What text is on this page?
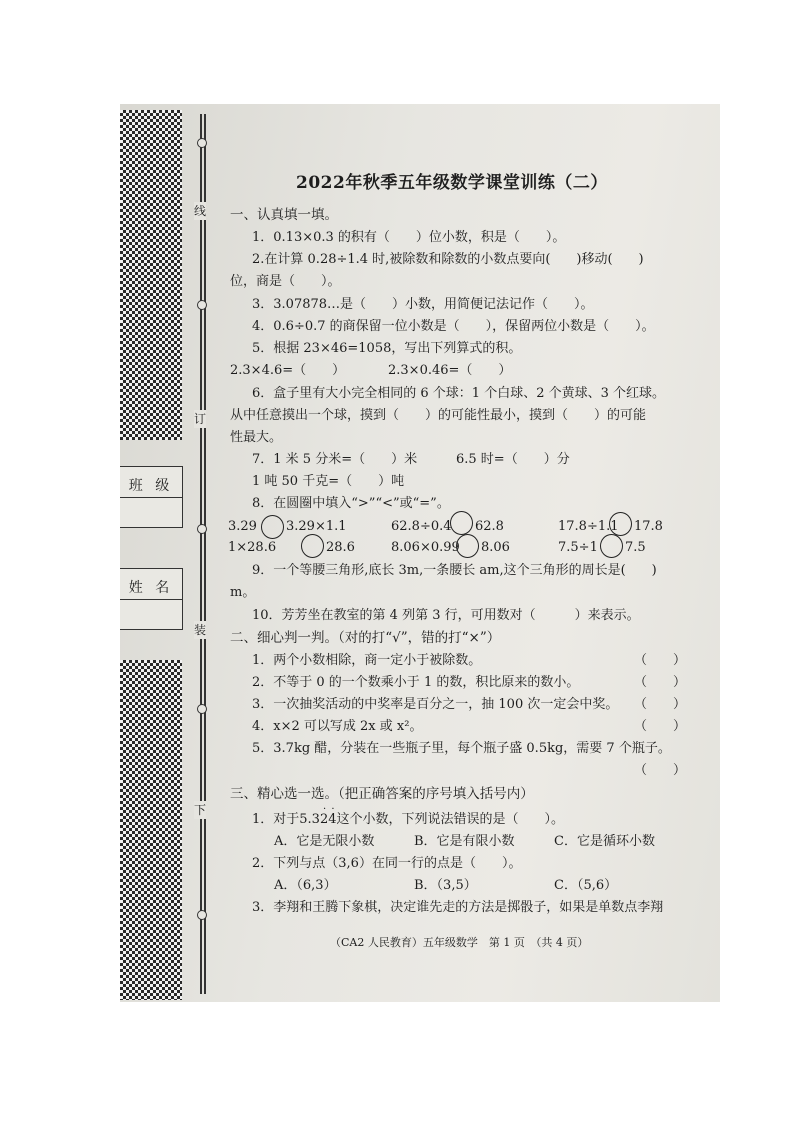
线
订
装
下
班 级
姓 名
2022年秋季五年级数学课堂训练（二）
一、认真填一填。
1．0.13×0.3 的积有（　　）位小数，积是（　　）。
2.在计算 0.28÷1.4 时,被除数和除数的小数点要向(　　)移动(　　)
位，商是（　　）。
3．3.07878…是（　　）小数，用简便记法记作（　　）。
4．0.6÷0.7 的商保留一位小数是（　　），保留两位小数是（　　）。
5．根据 23×46=1058，写出下列算式的积。
2.3×4.6=（　　）	2.3×0.46=（　　）
6．盒子里有大小完全相同的 6 个球：1 个白球、2 个黄球、3 个红球。
从中任意摸出一个球，摸到（　　）的可能性最小，摸到（　　）的可能
性最大。
7．1 米 5 分米=（　　）米	6.5 时=（　　）分
1 吨 50 千克=（　　）吨
8．在圆圈中填入“>”“<”或“=”。
3.29 3.29×1.1	62.8÷0.4 62.8	17.8÷1.1 17.8
1×28.6	28.6	8.06×0.99 8.06	7.5÷1 7.5
9．一个等腰三角形,底长 3m,一条腰长 am,这个三角形的周长是(　　)
m。
10．芳芳坐在教室的第 4 列第 3 行，可用数对（　　　）来表示。
二、细心判一判。（对的打“√”，错的打“×”）
1．两个小数相除，商一定小于被除数。	（　　）
2．不等于 0 的一个数乘小于 1 的数，积比原来的数小。	（　　）
3．一次抽奖活动的中奖率是百分之一，抽 100 次一定会中奖。 （　　）
4．x×2 可以写成 2x 或 x²。	（　　）
5．3.7kg 醋，分装在一些瓶子里，每个瓶子盛 0.5kg，需要 7 个瓶子。
（　　）
三、精心选一选。（把正确答案的序号填入括号内）
· ·
1．对于5.324这个小数，下列说法错误的是（　　）。
A．它是无限小数	B．它是有限小数	C．它是循环小数
2．下列与点（3,6）在同一行的点是（　　）。
A．（6,3）	B．（3,5）	C．（5,6）
3．李翔和王腾下象棋，决定谁先走的方法是掷骰子，如果是单数点李翔
（CA2 人民教育）五年级数学　第 1 页　（共 4 页）
